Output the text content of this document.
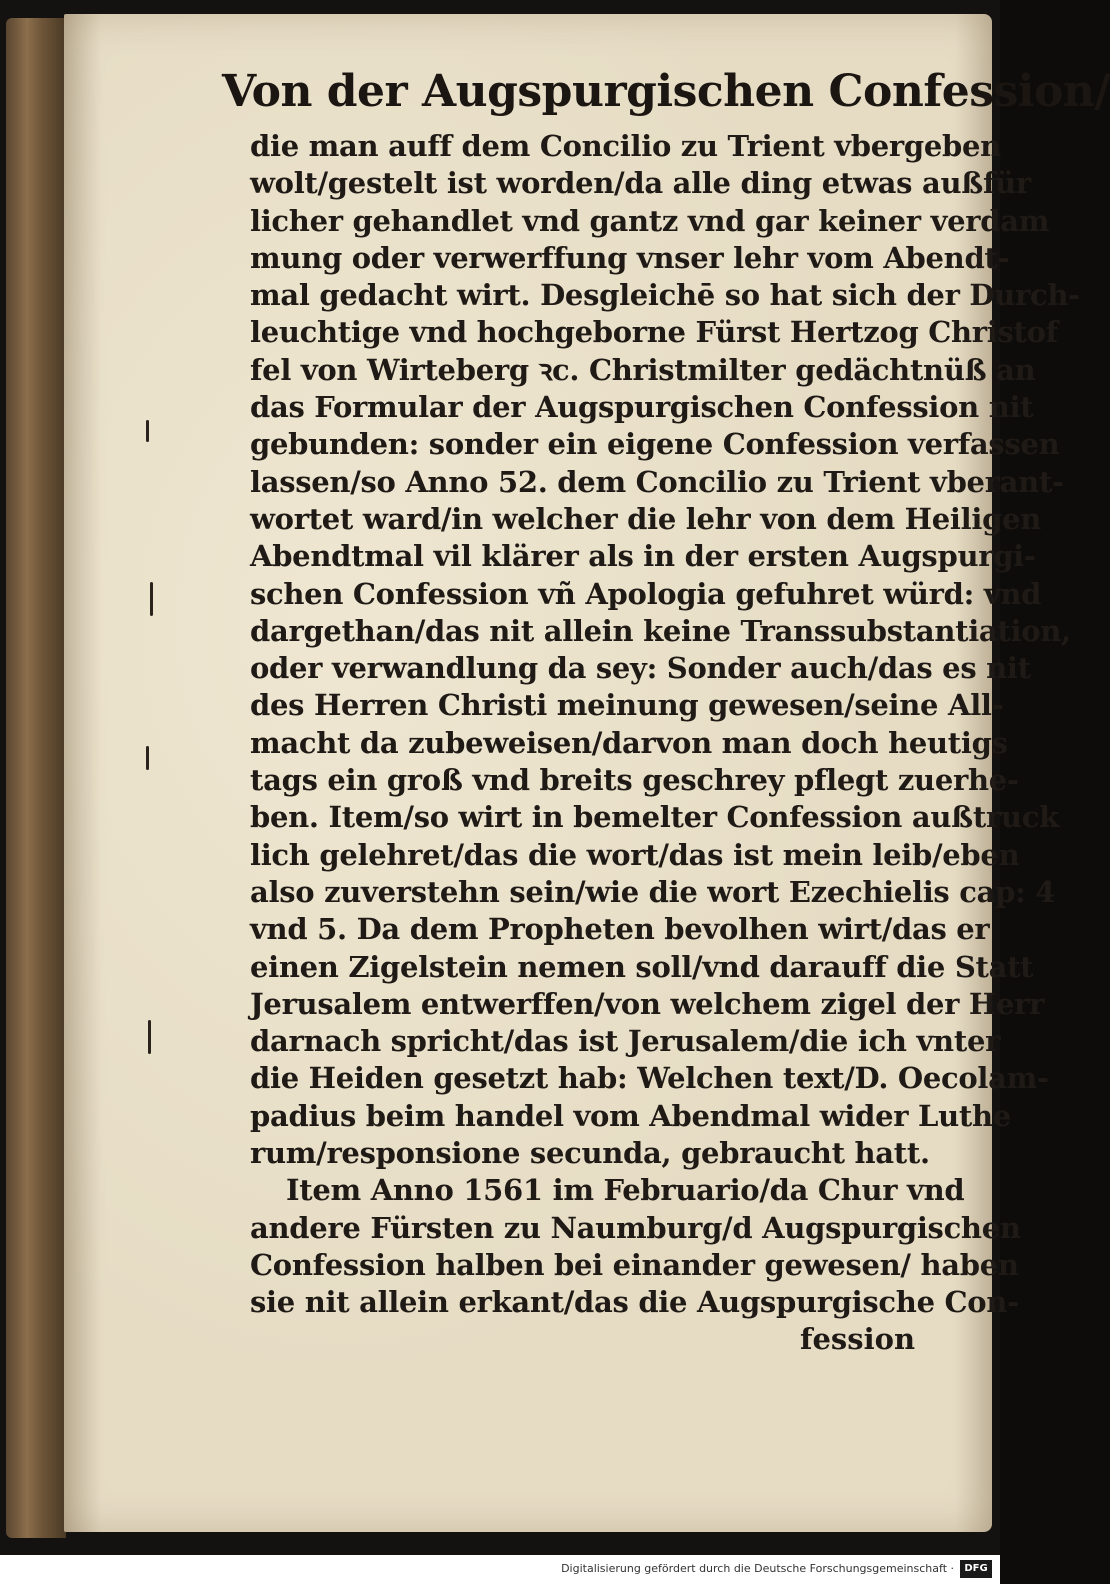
Von der Augspurgischen Confession/
die man auff dem Concilio zu Trient vbergeben
wolt/gestelt ist worden/da alle ding etwas außfür
licher gehandlet vnd gantz vnd gar keiner verdam
mung oder verwerffung vnser lehr vom Abendt-
mal gedacht wirt. Desgleichē so hat sich der Durch-
leuchtige vnd hochgeborne Fürst Hertzog Christof
fel von Wirteberg ꝛc. Christmilter gedächtnüß an
das Formular der Augspurgischen Confession nit
gebunden: sonder ein eigene Confession verfassen
lassen/so Anno 52. dem Concilio zu Trient vberant-
wortet ward/in welcher die lehr von dem Heiligen
Abendtmal vil klärer als in der ersten Augspurgi-
schen Confession vñ Apologia gefuhret würd: vnd
dargethan/das nit allein keine Transsubstantiation,
oder verwandlung da sey: Sonder auch/das es nit
des Herren Christi meinung gewesen/seine All-
macht da zubeweisen/darvon man doch heutigs
tags ein groß vnd breits geschrey pflegt zuerhe-
ben. Item/so wirt in bemelter Confession außtruck
lich gelehret/das die wort/das ist mein leib/eben
also zuverstehn sein/wie die wort Ezechielis cap: 4
vnd 5. Da dem Propheten bevolhen wirt/das er
einen Zigelstein nemen soll/vnd darauff die Statt
Jerusalem entwerffen/von welchem zigel der Herr
darnach spricht/das ist Jerusalem/die ich vnter
die Heiden gesetzt hab: Welchen text/D. Oecolam-
padius beim handel vom Abendmal wider Luthe
rum/responsione secunda, gebraucht hatt.
Item Anno 1561 im Februario/da Chur vnd
andere Fürsten zu Naumburg/d Augspurgischen
Confession halben bei einander gewesen/ haben
sie nit allein erkant/das die Augspurgische Con-
fession
Digitalisierung gefördert durch die Deutsche Forschungsgemeinschaft ·	DFG
